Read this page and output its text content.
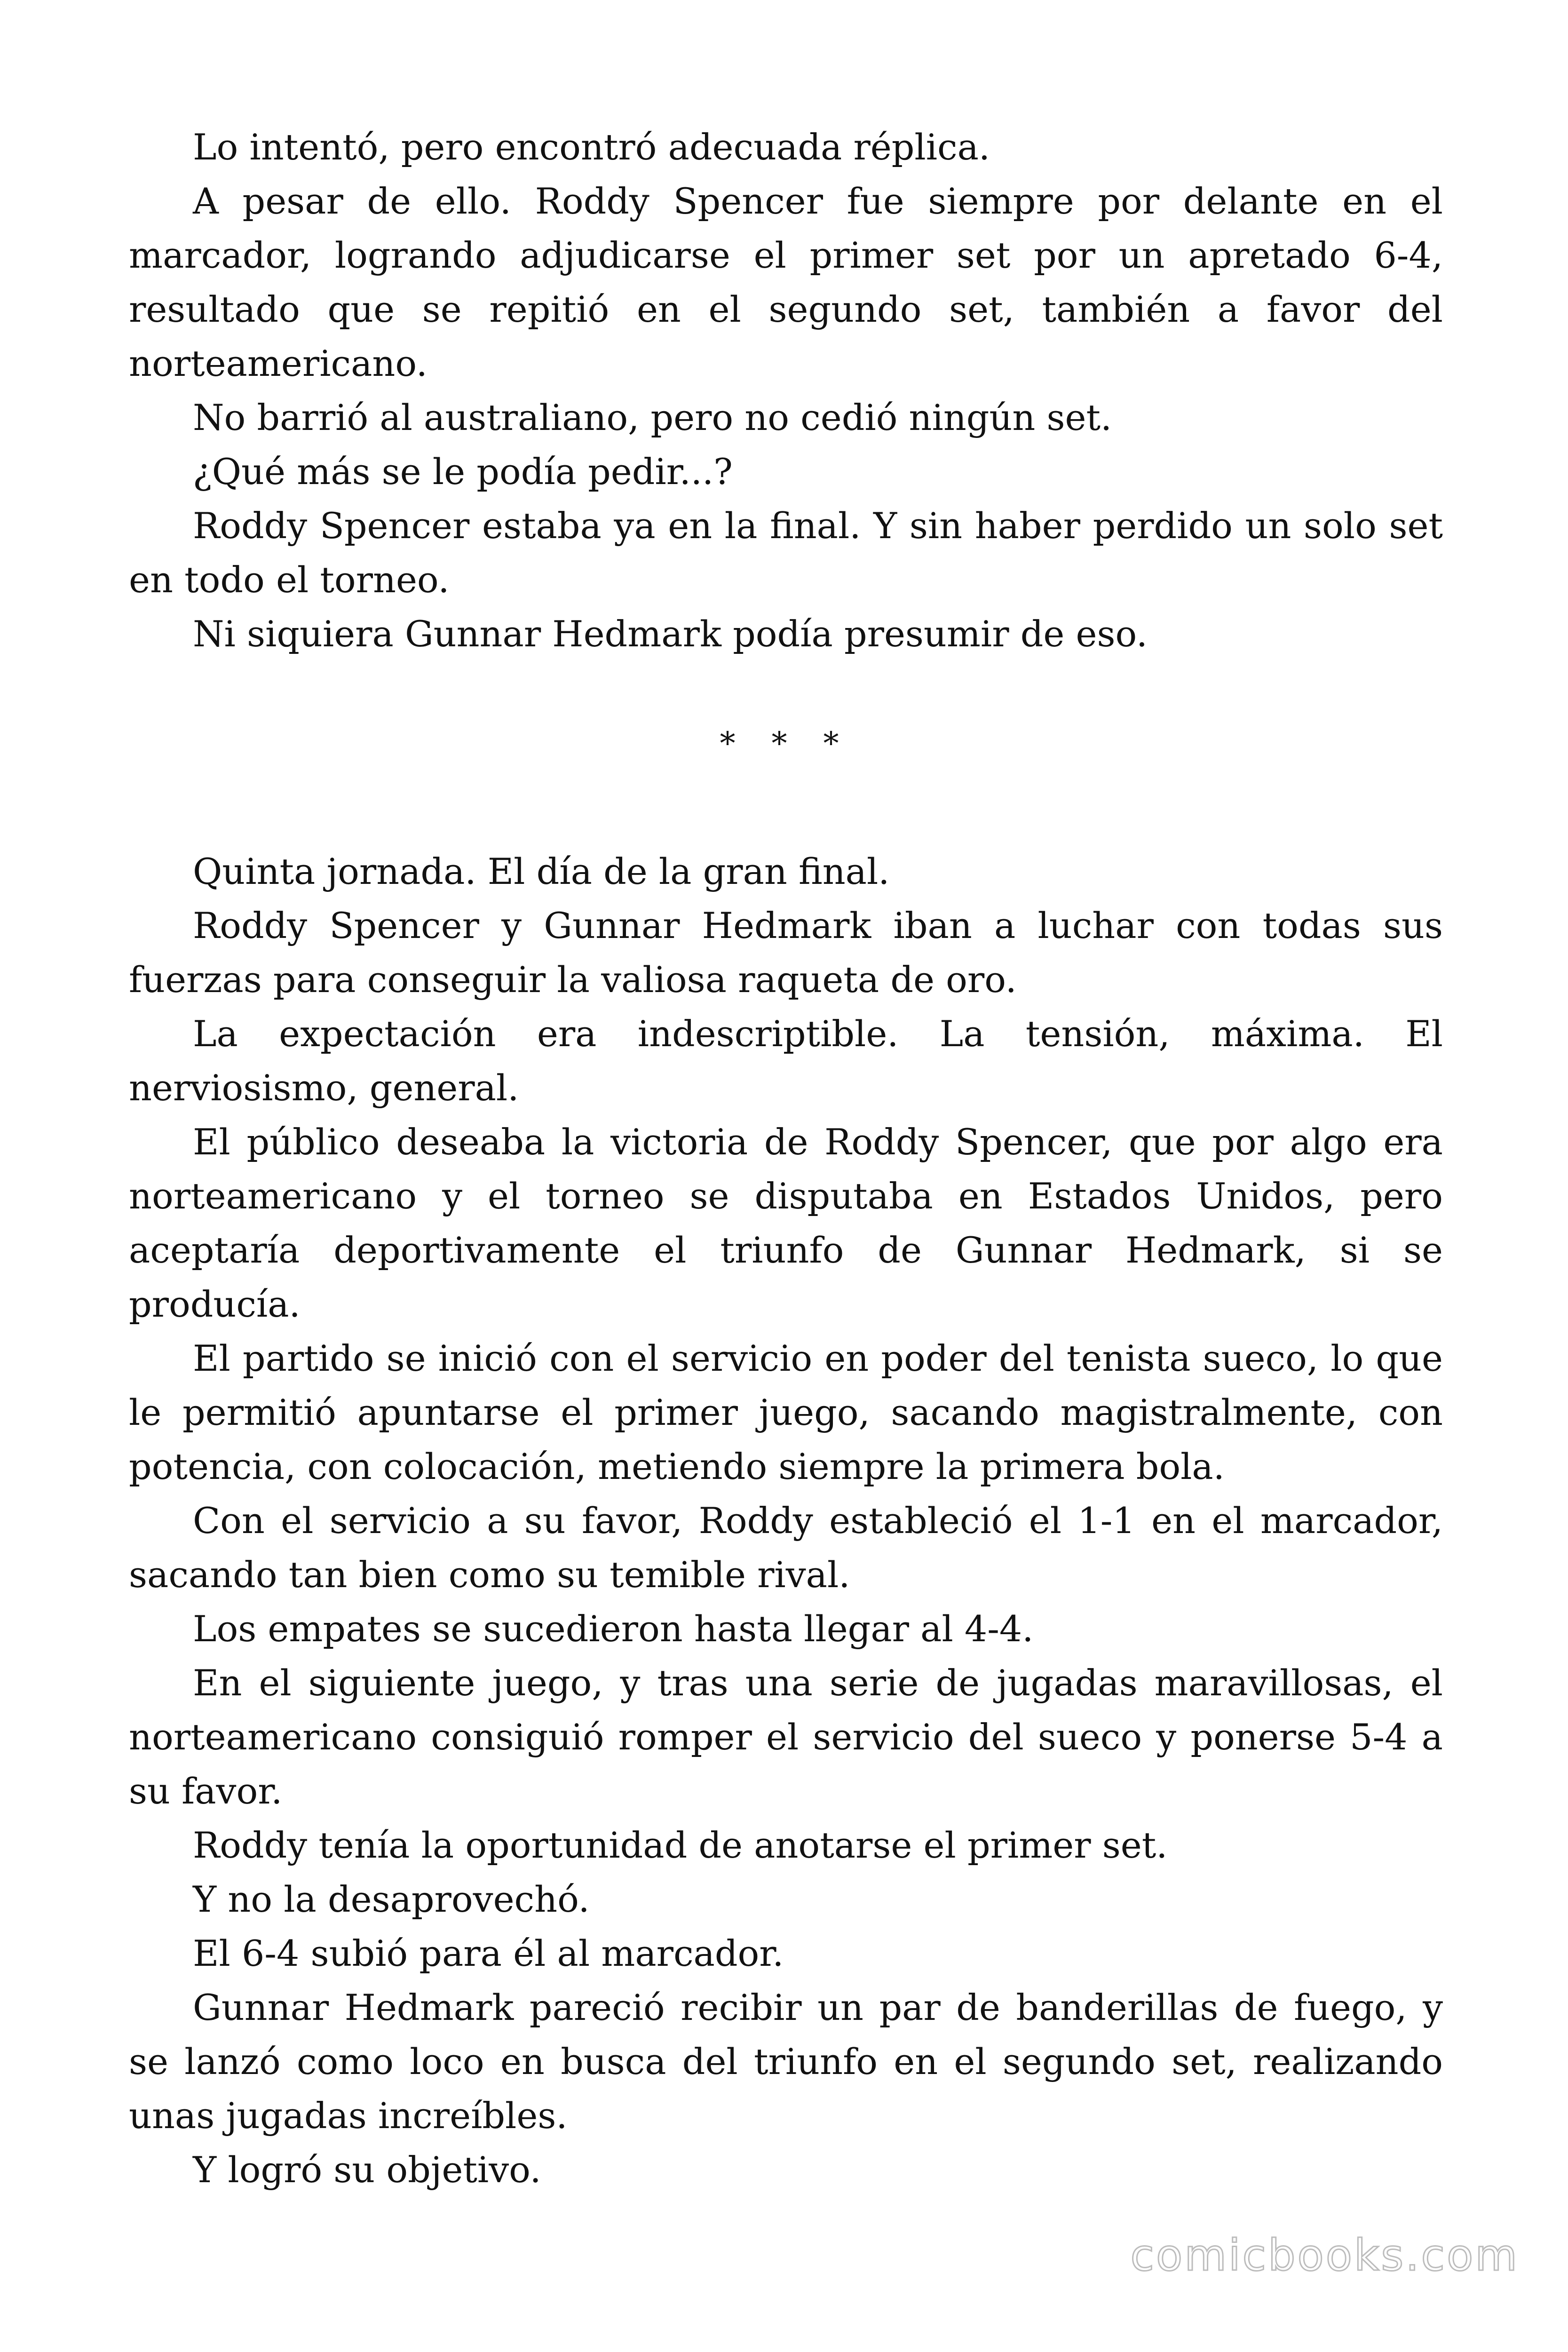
Lo intentó, pero encontró adecuada réplica.

A pesar de ello. Roddy Spencer fue siempre por delante en el marcador, logrando adjudicarse el primer set por un apretado 6-4, resultado que se repitió en el segundo set, también a favor del norteamericano.

No barrió al australiano, pero no cedió ningún set.

¿Qué más se le podía pedir...?

Roddy Spencer estaba ya en la final. Y sin haber perdido un solo set en todo el torneo.

Ni siquiera Gunnar Hedmark podía presumir de eso.

* * *

Quinta jornada. El día de la gran final.

Roddy Spencer y Gunnar Hedmark iban a luchar con todas sus fuerzas para conseguir la valiosa raqueta de oro.

La expectación era indescriptible. La tensión, máxima. El nerviosismo, general.

El público deseaba la victoria de Roddy Spencer, que por algo era norteamericano y el torneo se disputaba en Estados Unidos, pero aceptaría deportivamente el triunfo de Gunnar Hedmark, si se producía.

El partido se inició con el servicio en poder del tenista sueco, lo que le permitió apuntarse el primer juego, sacando magistralmente, con potencia, con colocación, metiendo siempre la primera bola.

Con el servicio a su favor, Roddy estableció el 1-1 en el marcador, sacando tan bien como su temible rival.

Los empates se sucedieron hasta llegar al 4-4.

En el siguiente juego, y tras una serie de jugadas maravillosas, el norteamericano consiguió romper el servicio del sueco y ponerse 5-4 a su favor.

Roddy tenía la oportunidad de anotarse el primer set.

Y no la desaprovechó.

El 6-4 subió para él al marcador.

Gunnar Hedmark pareció recibir un par de banderillas de fuego, y se lanzó como loco en busca del triunfo en el segundo set, realizando unas jugadas increíbles.

Y logró su objetivo.

comicbooks.com
